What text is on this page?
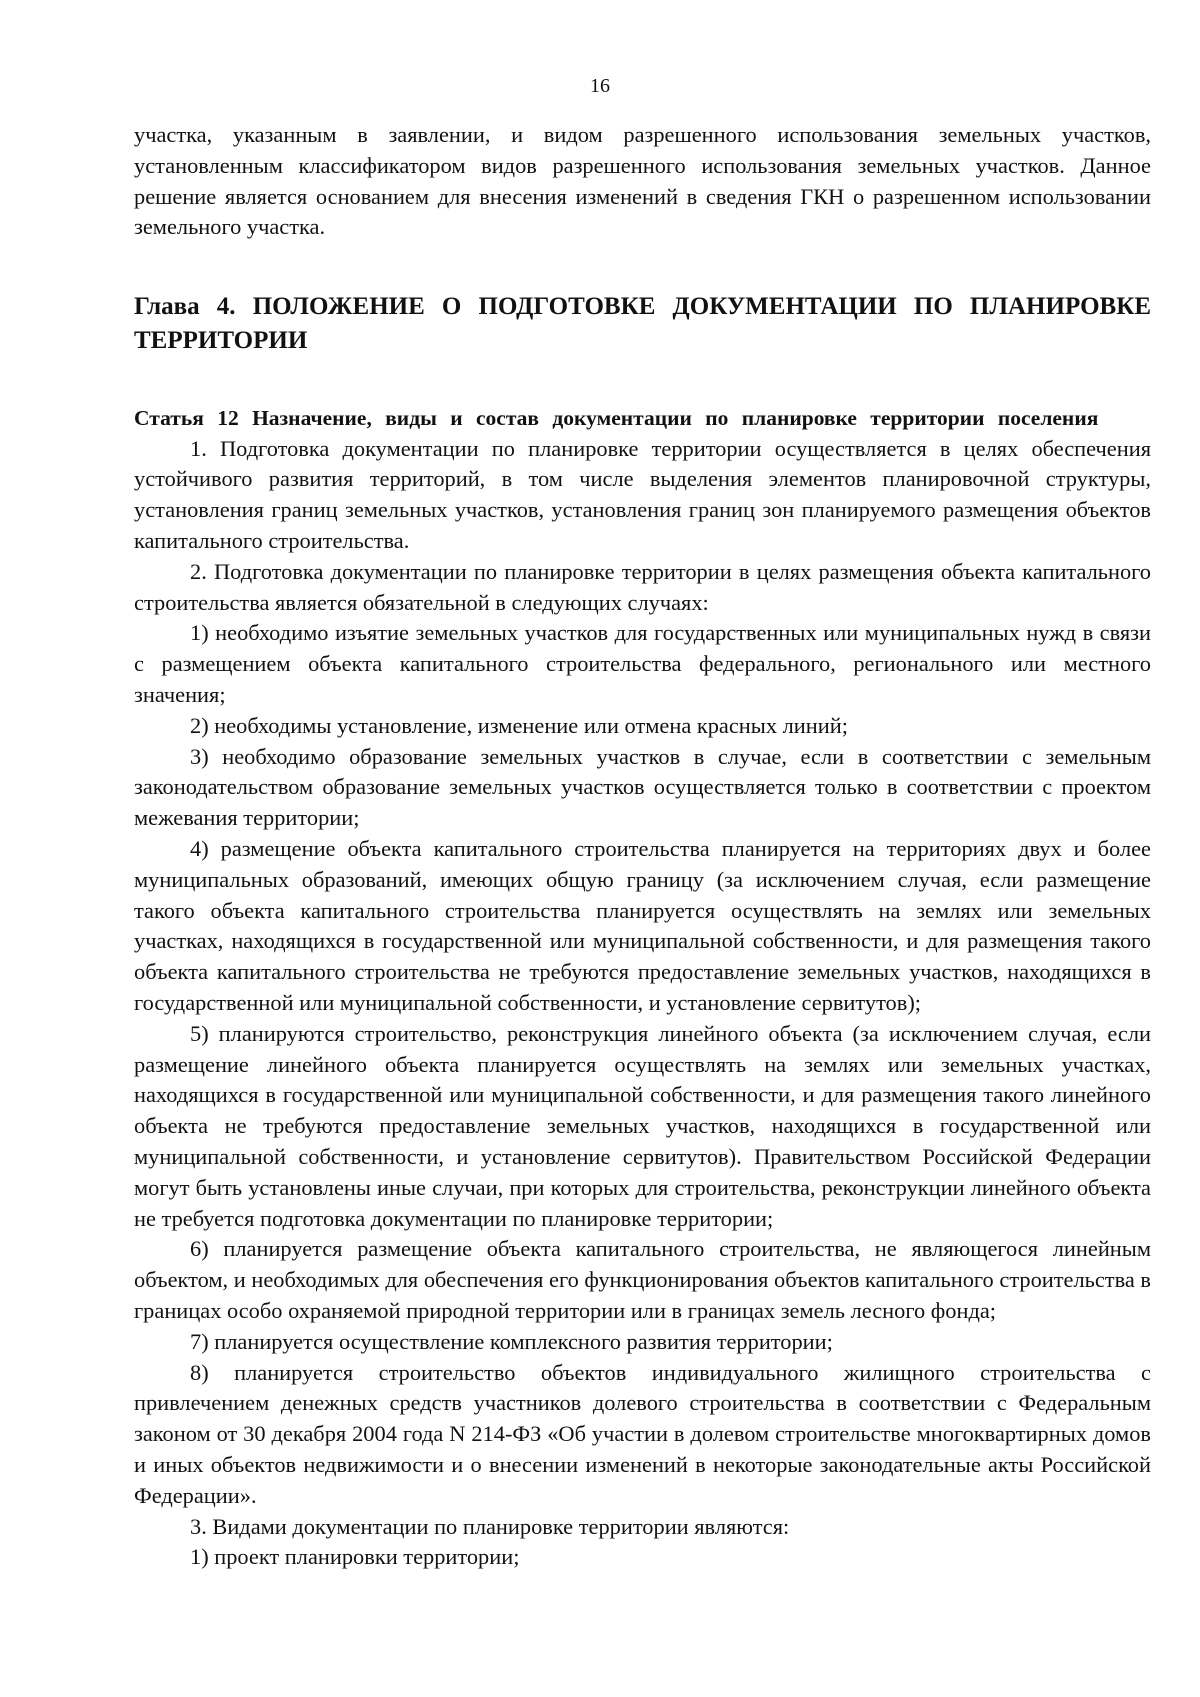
16

участка, указанным в заявлении, и видом разрешенного использования земельных участков, установленным классификатором видов разрешенного использования земельных участков. Данное решение является основанием для внесения изменений в сведения ГКН о разрешенном использовании земельного участка.

Глава 4. ПОЛОЖЕНИЕ О ПОДГОТОВКЕ ДОКУМЕНТАЦИИ ПО ПЛАНИРОВКЕ ТЕРРИТОРИИ
Статья 12 Назначение, виды и состав документации по планировке территории поселения

1. Подготовка документации по планировке территории осуществляется в целях обеспечения устойчивого развития территорий, в том числе выделения элементов планировочной структуры, установления границ земельных участков, установления границ зон планируемого размещения объектов капитального строительства.

2. Подготовка документации по планировке территории в целях размещения объекта капитального строительства является обязательной в следующих случаях:

1) необходимо изъятие земельных участков для государственных или муниципальных нужд в связи с размещением объекта капитального строительства федерального, регионального или местного значения;

2) необходимы установление, изменение или отмена красных линий;

3) необходимо образование земельных участков в случае, если в соответствии с земельным законодательством образование земельных участков осуществляется только в соответствии с проектом межевания территории;

4) размещение объекта капитального строительства планируется на территориях двух и более муниципальных образований, имеющих общую границу (за исключением случая, если размещение такого объекта капитального строительства планируется осуществлять на землях или земельных участках, находящихся в государственной или муниципальной собственности, и для размещения такого объекта капитального строительства не требуются предоставление земельных участков, находящихся в государственной или муниципальной собственности, и установление сервитутов);

5) планируются строительство, реконструкция линейного объекта (за исключением случая, если размещение линейного объекта планируется осуществлять на землях или земельных участках, находящихся в государственной или муниципальной собственности, и для размещения такого линейного объекта не требуются предоставление земельных участков, находящихся в государственной или муниципальной собственности, и установление сервитутов). Правительством Российской Федерации могут быть установлены иные случаи, при которых для строительства, реконструкции линейного объекта не требуется подготовка документации по планировке территории;

6) планируется размещение объекта капитального строительства, не являющегося линейным объектом, и необходимых для обеспечения его функционирования объектов капитального строительства в границах особо охраняемой природной территории или в границах земель лесного фонда;

7) планируется осуществление комплексного развития территории;

8) планируется строительство объектов индивидуального жилищного строительства с привлечением денежных средств участников долевого строительства в соответствии с Федеральным законом от 30 декабря 2004 года N 214-ФЗ «Об участии в долевом строительстве многоквартирных домов и иных объектов недвижимости и о внесении изменений в некоторые законодательные акты Российской Федерации».

3. Видами документации по планировке территории являются:

1) проект планировки территории;
